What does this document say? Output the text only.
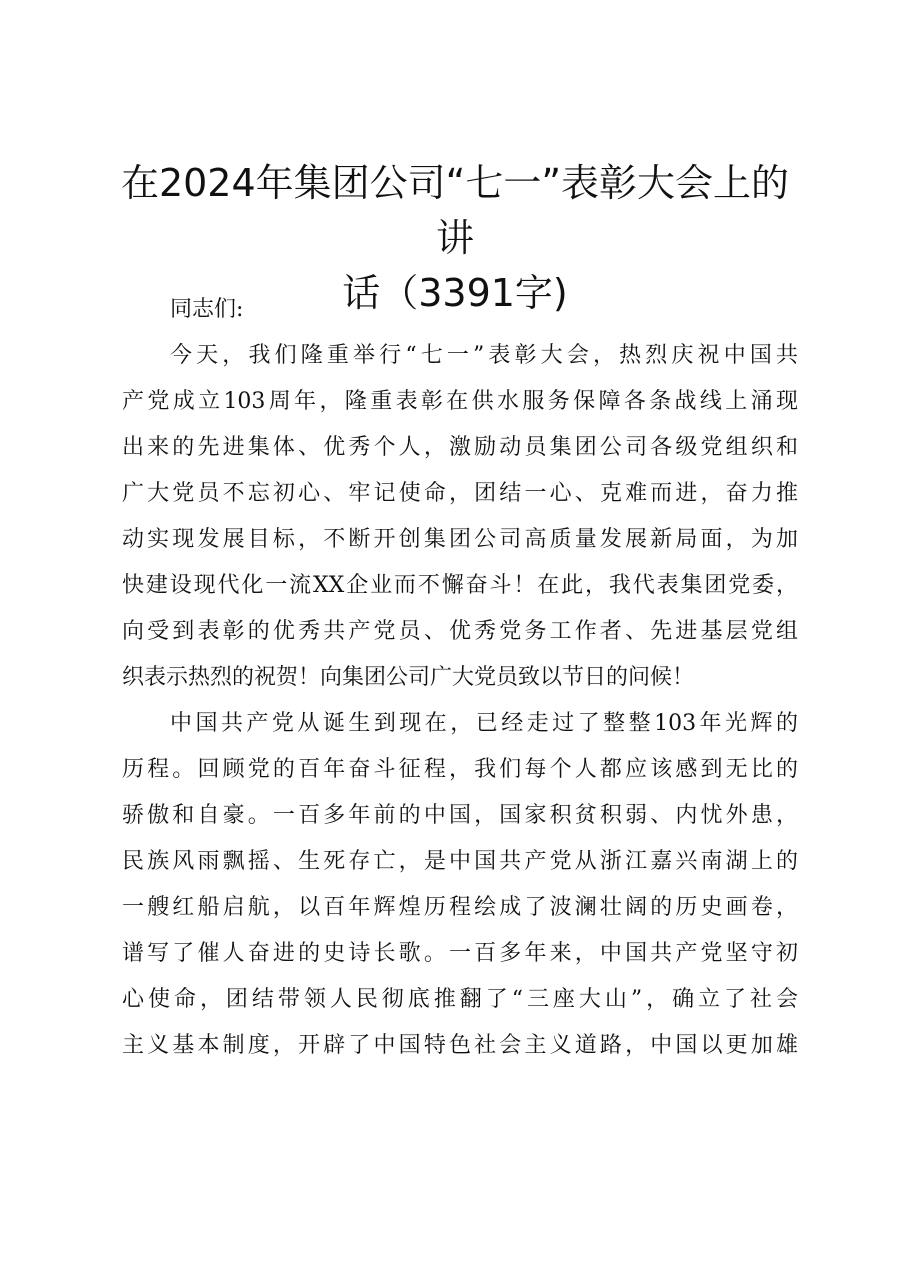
在2024年集团公司“七一”表彰大会上的讲
话（3391字)

同志们:

今天，我们隆重举行“七一”表彰大会，热烈庆祝中国共
产党成立103周年，隆重表彰在供水服务保障各条战线上涌现
出来的先进集体、优秀个人，激励动员集团公司各级党组织和
广大党员不忘初心、牢记使命，团结一心、克难而进，奋力推
动实现发展目标，不断开创集团公司高质量发展新局面，为加
快建设现代化一流XX企业而不懈奋斗！在此，我代表集团党委，
向受到表彰的优秀共产党员、优秀党务工作者、先进基层党组
织表示热烈的祝贺！向集团公司广大党员致以节日的问候！

中国共产党从诞生到现在，已经走过了整整103年光辉的
历程。回顾党的百年奋斗征程，我们每个人都应该感到无比的
骄傲和自豪。一百多年前的中国，国家积贫积弱、内忧外患，
民族风雨飘摇、生死存亡，是中国共产党从浙江嘉兴南湖上的
一艘红船启航，以百年辉煌历程绘成了波澜壮阔的历史画卷，
谱写了催人奋进的史诗长歌。一百多年来，中国共产党坚守初
心使命，团结带领人民彻底推翻了“三座大山”，确立了社会
主义基本制度，开辟了中国特色社会主义道路，中国以更加雄
